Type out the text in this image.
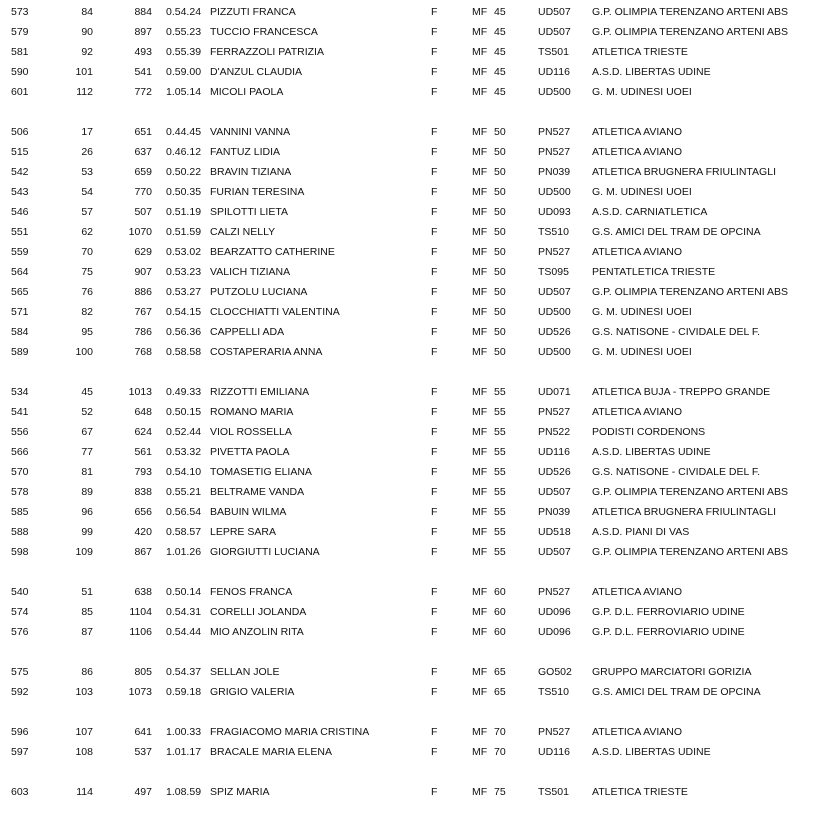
573	84	884 0.54.24 PIZZUTI FRANCA	F	MF 45	UD507 G.P. OLIMPIA TERENZANO ARTENI ABS
579	90	897 0.55.23 TUCCIO FRANCESCA	F	MF 45	UD507 G.P. OLIMPIA TERENZANO ARTENI ABS
581	92	493 0.55.39 FERRAZZOLI PATRIZIA	F	MF 45	TS501 ATLETICA TRIESTE
590	101	541 0.59.00 D'ANZUL CLAUDIA	F	MF 45	UD116 A.S.D. LIBERTAS UDINE
601	112	772 1.05.14 MICOLI PAOLA	F	MF 45	UD500 G. M. UDINESI UOEI
506	17	651 0.44.45 VANNINI VANNA	F	MF 50	PN527 ATLETICA AVIANO
515	26	637 0.46.12 FANTUZ LIDIA	F	MF 50	PN527 ATLETICA AVIANO
542	53	659 0.50.22 BRAVIN TIZIANA	F	MF 50	PN039 ATLETICA BRUGNERA FRIULINTAGLI
543	54	770 0.50.35 FURIAN TERESINA	F	MF 50	UD500 G. M. UDINESI UOEI
546	57	507 0.51.19 SPILOTTI LIETA	F	MF 50	UD093 A.S.D. CARNIATLETICA
551	62	1070 0.51.59 CALZI NELLY	F	MF 50	TS510 G.S. AMICI DEL TRAM DE OPCINA
559	70	629 0.53.02 BEARZATTO CATHERINE	F	MF 50	PN527 ATLETICA AVIANO
564	75	907 0.53.23 VALICH TIZIANA	F	MF 50	TS095 PENTATLETICA TRIESTE
565	76	886 0.53.27 PUTZOLU LUCIANA	F	MF 50	UD507 G.P. OLIMPIA TERENZANO ARTENI ABS
571	82	767 0.54.15 CLOCCHIATTI VALENTINA	F	MF 50	UD500 G. M. UDINESI UOEI
584	95	786 0.56.36 CAPPELLI ADA	F	MF 50	UD526 G.S. NATISONE - CIVIDALE DEL F.
589	100	768 0.58.58 COSTAPERARIA ANNA	F	MF 50	UD500 G. M. UDINESI UOEI
534	45	1013 0.49.33 RIZZOTTI EMILIANA	F	MF 55	UD071 ATLETICA BUJA - TREPPO GRANDE
541	52	648 0.50.15 ROMANO MARIA	F	MF 55	PN527 ATLETICA AVIANO
556	67	624 0.52.44 VIOL ROSSELLA	F	MF 55	PN522 PODISTI CORDENONS
566	77	561 0.53.32 PIVETTA PAOLA	F	MF 55	UD116 A.S.D. LIBERTAS UDINE
570	81	793 0.54.10 TOMASETIG ELIANA	F	MF 55	UD526 G.S. NATISONE - CIVIDALE DEL F.
578	89	838 0.55.21 BELTRAME VANDA	F	MF 55	UD507 G.P. OLIMPIA TERENZANO ARTENI ABS
585	96	656 0.56.54 BABUIN WILMA	F	MF 55	PN039 ATLETICA BRUGNERA FRIULINTAGLI
588	99	420 0.58.57 LEPRE SARA	F	MF 55	UD518 A.S.D. PIANI DI VAS
598	109	867 1.01.26 GIORGIUTTI LUCIANA	F	MF 55	UD507 G.P. OLIMPIA TERENZANO ARTENI ABS
540	51	638 0.50.14 FENOS FRANCA	F	MF 60	PN527 ATLETICA AVIANO
574	85	1104 0.54.31 CORELLI JOLANDA	F	MF 60	UD096 G.P. D.L. FERROVIARIO UDINE
576	87	1106 0.54.44 MIO ANZOLIN RITA	F	MF 60	UD096 G.P. D.L. FERROVIARIO UDINE
575	86	805 0.54.37 SELLAN JOLE	F	MF 65	GO502 GRUPPO MARCIATORI GORIZIA
592	103	1073 0.59.18 GRIGIO VALERIA	F	MF 65	TS510 G.S. AMICI DEL TRAM DE OPCINA
596	107	641 1.00.33 FRAGIACOMO MARIA CRISTINA	F	MF 70	PN527 ATLETICA AVIANO
597	108	537 1.01.17 BRACALE MARIA ELENA	F	MF 70	UD116 A.S.D. LIBERTAS UDINE
603	114	497 1.08.59 SPIZ MARIA	F	MF 75	TS501 ATLETICA TRIESTE
